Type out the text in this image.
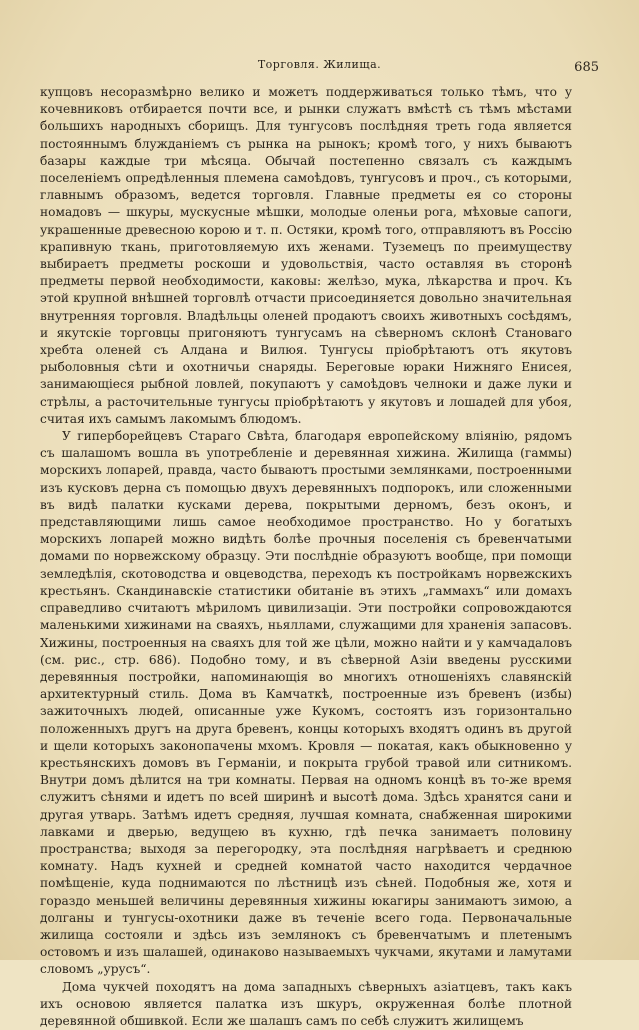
Торговля. Жилища.	685

купцовъ несоразмѣрно велико и можетъ поддерживаться только тѣмъ, что у кочевниковъ отбирается почти все, и рынки служатъ вмѣстѣ съ тѣмъ мѣстами большихъ народныхъ сборищъ. Для тунгусовъ послѣдняя треть года является постояннымъ блужданіемъ съ рынка на рынокъ; кромѣ того, у нихъ бываютъ базары каждые три мѣсяца. Обычай постепенно связалъ съ каждымъ поселеніемъ опредѣленныя племена самоѣдовъ, тунгусовъ и проч., съ которыми, главнымъ образомъ, ведется торговля. Главные предметы ея со стороны номадовъ — шкуры, мускусные мѣшки, молодые оленьи рога, мѣховые сапоги, украшенные древесною корою и т. п. Остяки, кромѣ того, отправляютъ въ Россію крапивную ткань, приготовляемую ихъ женами. Туземецъ по преимуществу выбираетъ предметы роскоши и удовольствія, часто оставляя въ сторонѣ предметы первой необходимости, каковы: желѣзо, мука, лѣкарства и проч. Къ этой крупной внѣшней торговлѣ отчасти присоединяется довольно значительная внутренняя торговля. Владѣльцы оленей продаютъ своихъ животныхъ сосѣдямъ, и якутскіе торговцы пригоняютъ тунгусамъ на сѣверномъ склонѣ Становаго хребта оленей съ Алдана и Вилюя. Тунгусы пріобрѣтаютъ отъ якутовъ рыболовныя сѣти и охотничьи снаряды. Береговые юраки Нижняго Енисея, занимающіеся рыбной ловлей, покупаютъ у самоѣдовъ челноки и даже луки и стрѣлы, а расточительные тунгусы пріобрѣтаютъ у якутовъ и лошадей для убоя, считая ихъ самымъ лакомымъ блюдомъ.

У гиперборейцевъ Стараго Свѣта, благодаря европейскому вліянію, рядомъ съ шалашомъ вошла въ употребленіе и деревянная хижина. Жилища (гаммы) морскихъ лопарей, правда, часто бываютъ простыми землянками, построенными изъ кусковъ дерна съ помощью двухъ деревянныхъ подпорокъ, или сложенными въ видѣ палатки кусками дерева, покрытыми дерномъ, безъ оконъ, и представляющими лишь самое необходимое пространство. Но у богатыхъ морскихъ лопарей можно видѣть болѣе прочныя поселенія съ бревенчатыми домами по норвежскому образцу. Эти послѣдніе образуютъ вообще, при помощи земледѣлія, скотоводства и овцеводства, переходъ къ постройкамъ норвежскихъ крестьянъ. Скандинавскіе статистики обитаніе въ этихъ „гаммахъ“ или домахъ справедливо считаютъ мѣриломъ цивилизаціи. Эти постройки сопровождаются маленькими хижинами на сваяхъ, ньяллами, служащими для храненія запасовъ. Хижины, построенныя на сваяхъ для той же цѣли, можно найти и у камчадаловъ (см. рис., стр. 686). Подобно тому, и въ сѣверной Азіи введены русскими деревянныя постройки, напоминающія во многихъ отношеніяхъ славянскій архитектурный стиль. Дома въ Камчаткѣ, построенные изъ бревенъ (избы) зажиточныхъ людей, описанные уже Кукомъ, состоятъ изъ горизонтально положенныхъ другъ на друга бревенъ, концы которыхъ входятъ одинъ въ другой и щели которыхъ законопачены мхомъ. Кровля — покатая, какъ обыкновенно у крестьянскихъ домовъ въ Германіи, и покрыта грубой травой или ситникомъ. Внутри домъ дѣлится на три комнаты. Первая на одномъ концѣ въ то-же время служитъ сѣнями и идетъ по всей ширинѣ и высотѣ дома. Здѣсь хранятся сани и другая утварь. Затѣмъ идетъ средняя, лучшая комната, снабженная широкими лавками и дверью, ведущею въ кухню, гдѣ печка занимаетъ половину пространства; выходя за перегородку, эта послѣдняя нагрѣваетъ и среднюю комнату. Надъ кухней и средней комнатой часто находится чердачное помѣщеніе, куда поднимаются по лѣстницѣ изъ сѣней. Подобныя же, хотя и гораздо меньшей величины деревянныя хижины юкагиры занимаютъ зимою, а долганы и тунгусы-охотники даже въ теченіе всего года. Первоначальные жилища состояли и здѣсь изъ землянокъ съ бревенчатымъ и плетенымъ остовомъ и изъ шалашей, одинаково называемыхъ чукчами, якутами и ламутами словомъ „урусъ“.

Дома чукчей походятъ на дома западныхъ сѣверныхъ азіатцевъ, такъ какъ ихъ основою является палатка изъ шкуръ, окруженная болѣе плотной деревянной обшивкой. Если же шалашъ самъ по себѣ служитъ жилищемъ
